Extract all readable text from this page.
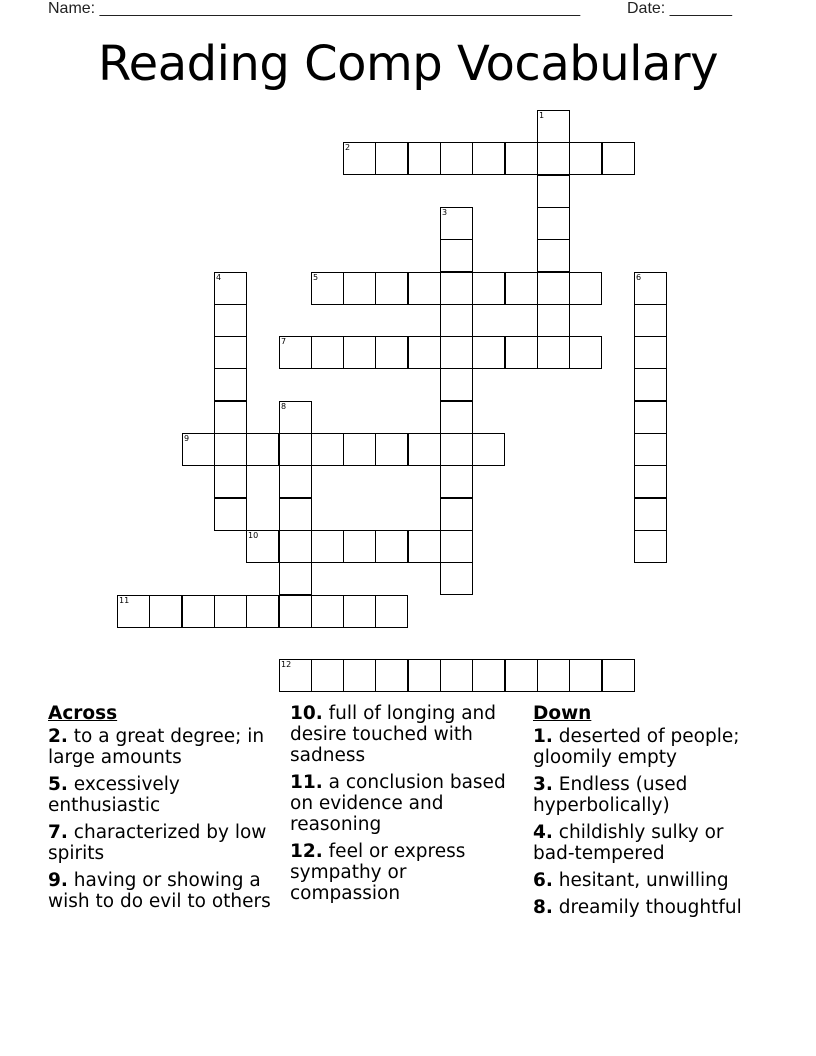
Name: ______________________________________________________	Date: _______
Reading Comp Vocabulary
1
2
3
4	5	6
7
8
9
10
11
12
Across
2. to a great degree; in large amounts
5. excessively enthusiastic
7. characterized by low spirits
9. having or showing a wish to do evil to others
10. full of longing and desire touched with sadness
11. a conclusion based on evidence and reasoning
12. feel or express sympathy or compassion
Down
1. deserted of people; gloomily empty
3. Endless (used hyperbolically)
4. childishly sulky or bad-tempered
6. hesitant, unwilling
8. dreamily thoughtful
